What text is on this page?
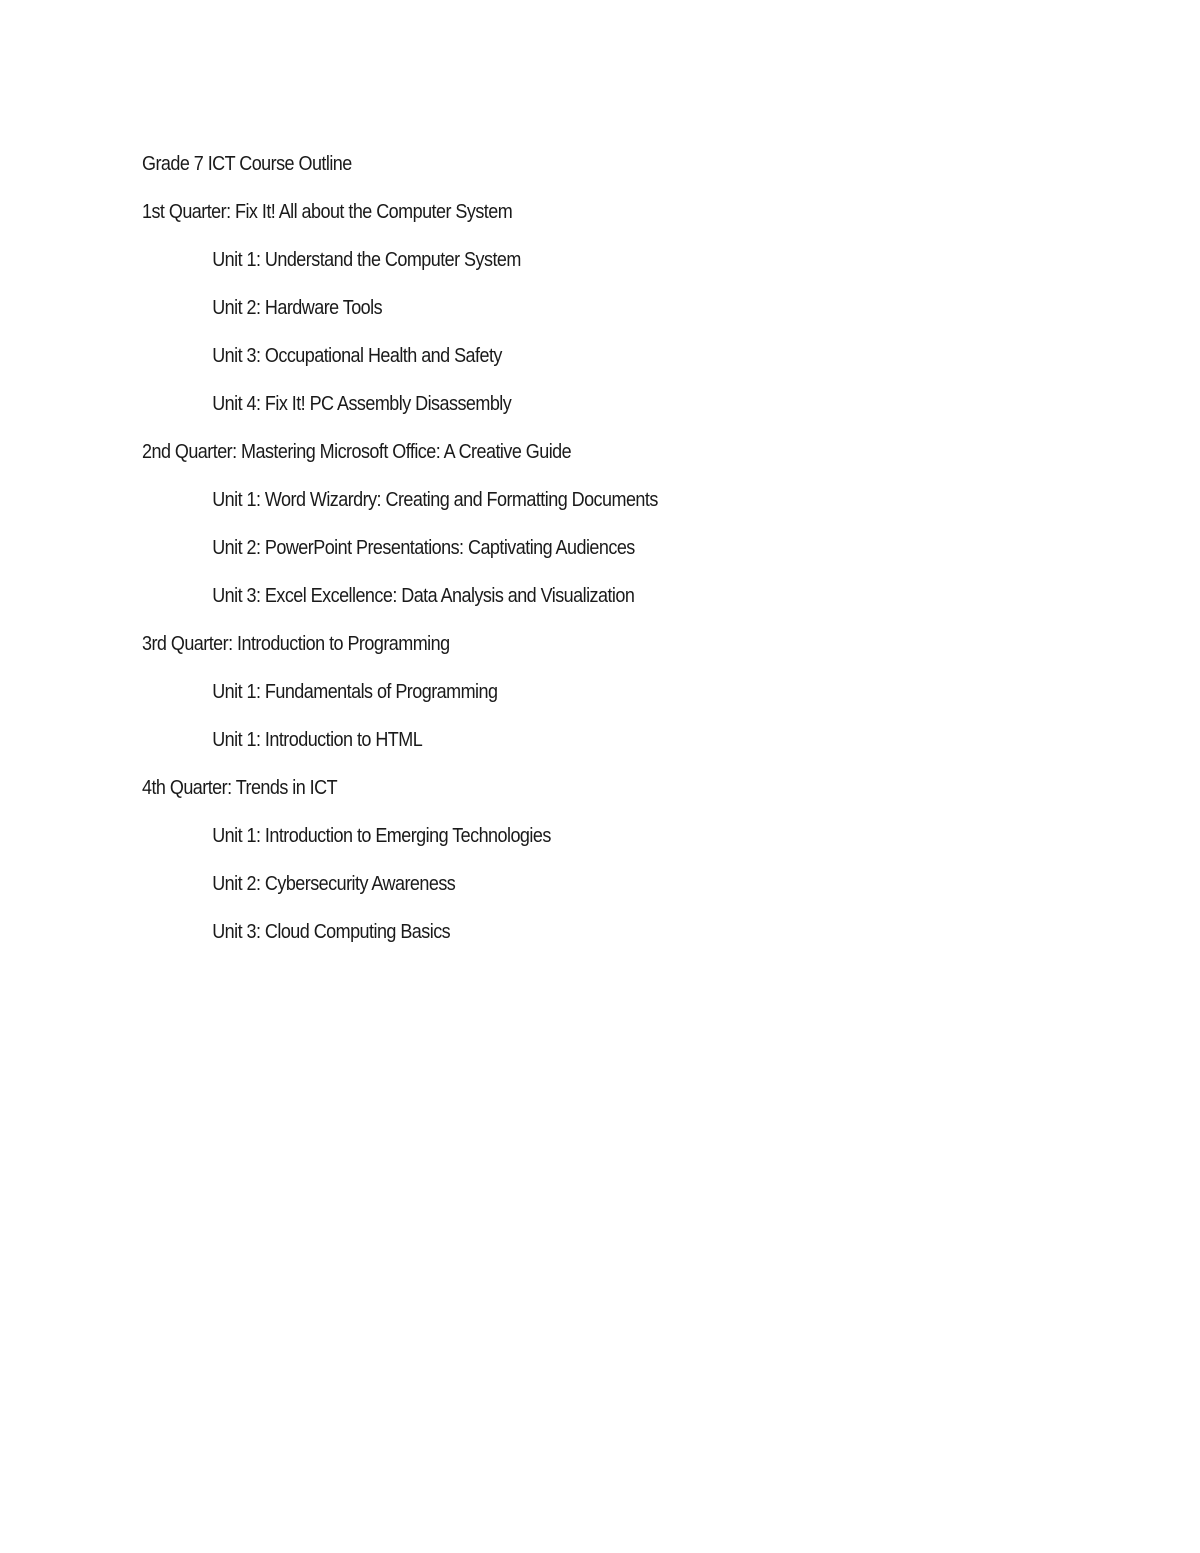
Grade 7 ICT Course Outline
1st Quarter: Fix It! All about the Computer System
Unit 1: Understand the Computer System
Unit 2: Hardware Tools
Unit 3: Occupational Health and Safety
Unit 4: Fix It! PC Assembly Disassembly
2nd Quarter: Mastering Microsoft Office: A Creative Guide
Unit 1: Word Wizardry: Creating and Formatting Documents
Unit 2: PowerPoint Presentations: Captivating Audiences
Unit 3: Excel Excellence: Data Analysis and Visualization
3rd Quarter: Introduction to Programming
Unit 1: Fundamentals of Programming
Unit 1: Introduction to HTML
4th Quarter: Trends in ICT
Unit 1: Introduction to Emerging Technologies
Unit 2: Cybersecurity Awareness
Unit 3: Cloud Computing Basics
